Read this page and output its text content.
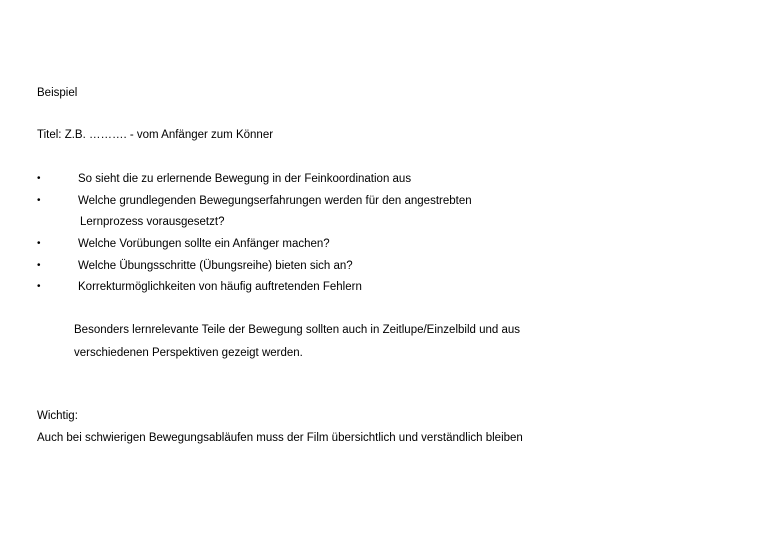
Beispiel
Titel: Z.B. ………. - vom Anfänger zum Könner
•	So sieht die zu erlernende Bewegung in der Feinkoordination aus
•	Welche grundlegenden Bewegungserfahrungen werden für den angestrebten
Lernprozess vorausgesetzt?
•	Welche Vorübungen sollte ein Anfänger machen?
•	Welche Übungsschritte (Übungsreihe) bieten sich an?
•	Korrekturmöglichkeiten von häufig auftretenden Fehlern
Besonders lernrelevante Teile der Bewegung sollten auch in Zeitlupe/Einzelbild und aus
verschiedenen Perspektiven gezeigt werden.
Wichtig:
Auch bei schwierigen Bewegungsabläufen muss der Film übersichtlich und verständlich bleiben
